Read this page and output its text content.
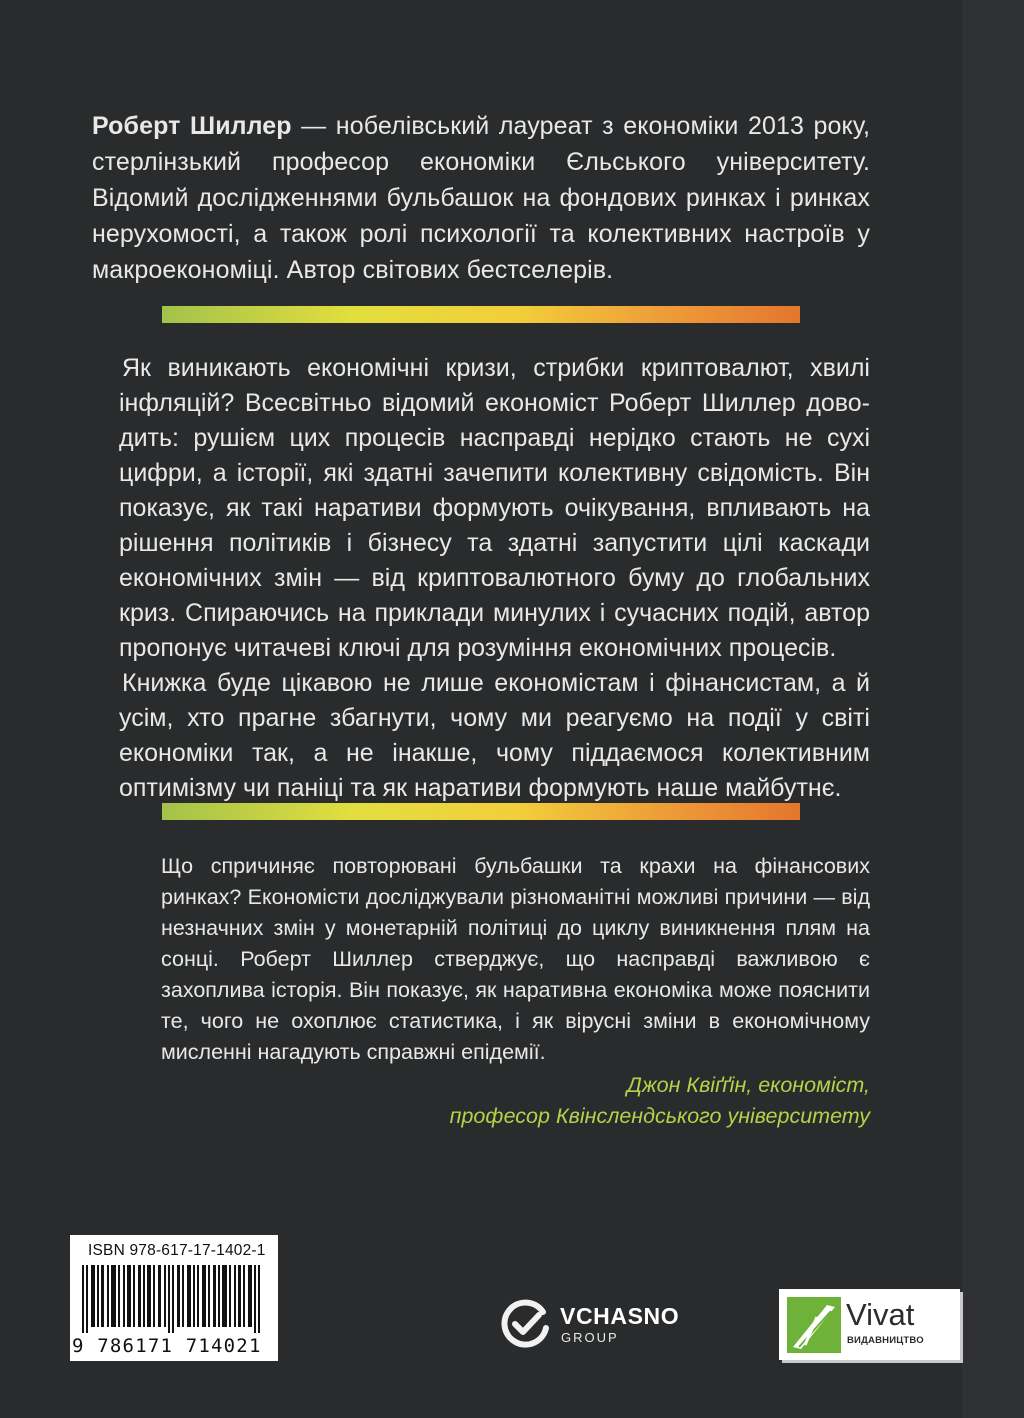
Роберт Шиллер — нобелівський лауреат з економіки 2013 року, стерлінзький професор економіки Єльського університету. Відомий дослідженнями бульбашок на фондових ринках і ринках нерухомості, а також ролі психології та колективних настроїв у макроекономіці. Автор світових бестселерів.

Як виникають економічні кризи, стрибки криптовалют, хвилі інфляцій? Всесвітньо відомий економіст Роберт Шиллер доводить: рушієм цих процесів насправді нерідко стають не сухі цифри, а історії, які здатні зачепити колективну свідомість. Він показує, як такі наративи формують очікування, впливають на рішення політиків і бізнесу та здатні запустити цілі каскади економічних змін — від криптовалютного буму до глобальних криз. Спираючись на приклади минулих і сучасних подій, автор пропонує читачеві ключі для розуміння економічних процесів.

Книжка буде цікавою не лише економістам і фінансистам, а й усім, хто прагне збагнути, чому ми реагуємо на події у світі економіки так, а не інакше, чому піддаємося колективним оптимізму чи паніці та як наративи формують наше майбутнє.

Що спричиняє повторювані бульбашки та крахи на фінансових ринках? Економісти досліджували різноманітні можливі причини — від незначних змін у монетарній політиці до циклу виникнення плям на сонці. Роберт Шиллер стверджує, що насправді важливою є захоплива історія. Він показує, як наративна економіка може пояснити те, чого не охоплює статистика, і як вірусні зміни в економічному мисленні нагадують справжні епідемії.

Джон Квіґґін, економіст,
професор Квінслендського університету
ISBN 978-617-17-1402-1
9 786171 714021
VCHASNO
GROUP
Vivat
ВИДАВНИЦТВО
